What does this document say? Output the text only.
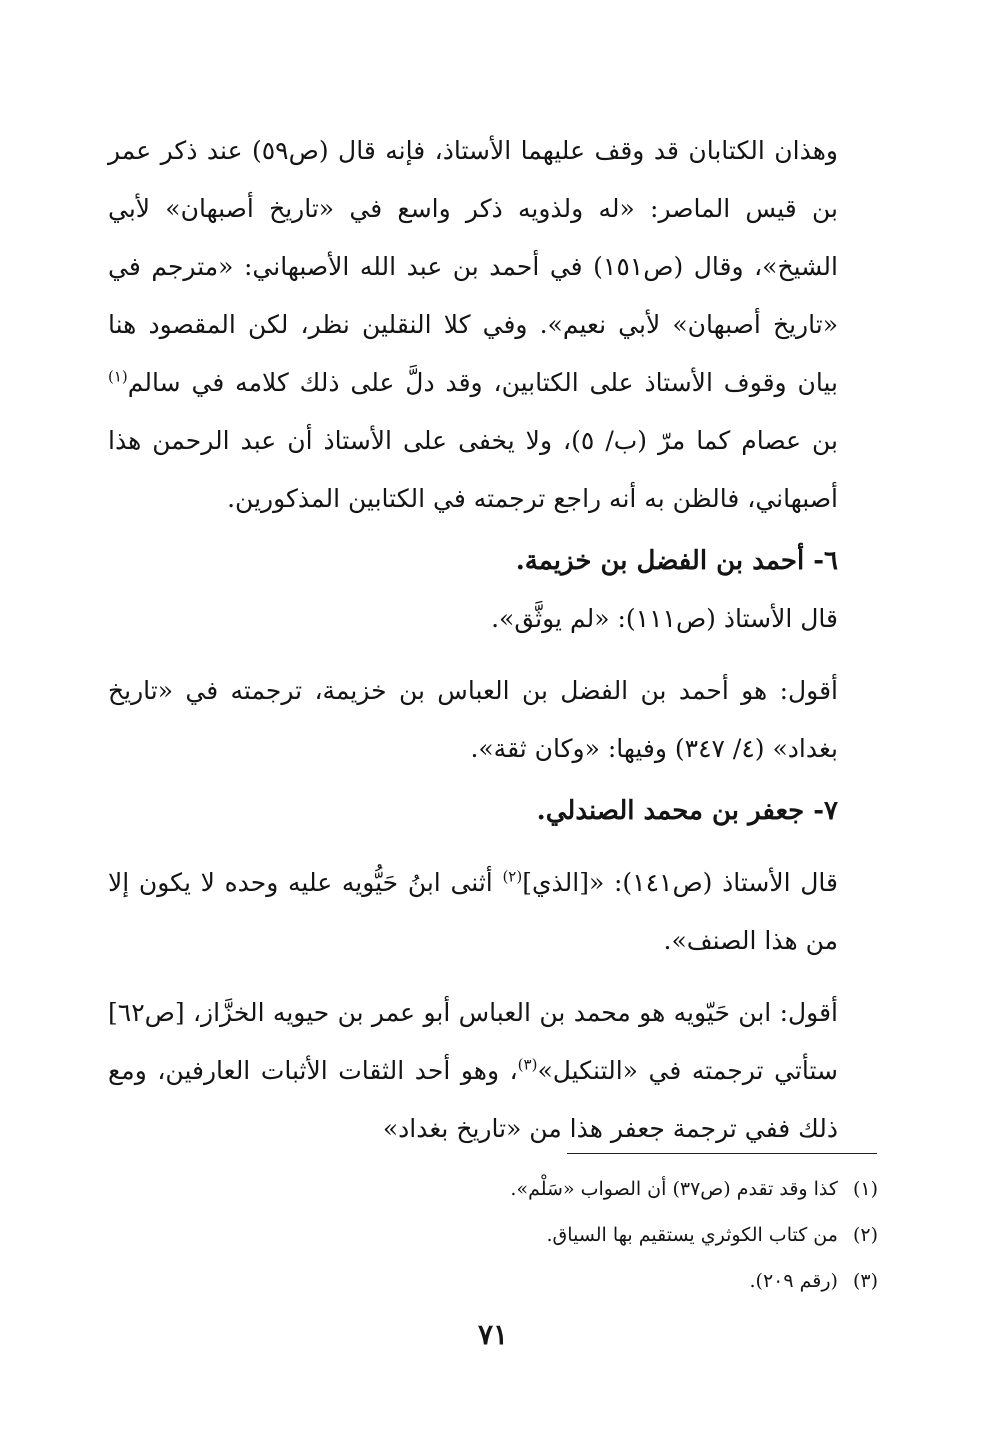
وهذان الكتابان قد وقف عليهما الأستاذ، فإنه قال (ص٥٩) عند ذكر عمر بن قيس الماصر: «له ولذويه ذكر واسع في «تاريخ أصبهان» لأبي الشيخ»، وقال (ص١٥١) في أحمد بن عبد الله الأصبهاني: «مترجم في «تاريخ أصبهان» لأبي نعيم». وفي كلا النقلين نظر، لكن المقصود هنا بيان وقوف الأستاذ على الكتابين، وقد دلَّ على ذلك كلامه في سالم$^{(١)}$ بن عصام كما مرّ (ب/ ٥)، ولا يخفى على الأستاذ أن عبد الرحمن هذا أصبهاني، فالظن به أنه راجع ترجمته في الكتابين المذكورين.

٦- أحمد بن الفضل بن خزيمة.

قال الأستاذ (ص١١١): «لم يوثَّق».

أقول: هو أحمد بن الفضل بن العباس بن خزيمة، ترجمته في «تاريخ بغداد» (٤/ ٣٤٧) وفيها: «وكان ثقة».

٧- جعفر بن محمد الصندلي.

قال الأستاذ (ص١٤١): «[الذي]$^{(٢)}$ أثنى ابنُ حَيُّويه عليه وحده لا يكون إلا من هذا الصنف».

أقول: ابن حَيّويه هو محمد بن العباس أبو عمر بن حيويه الخزَّاز، [ص٦٢] ستأتي ترجمته في «التنكيل»$^{(٣)}$، وهو أحد الثقات الأثبات العارفين، ومع ذلك ففي ترجمة جعفر هذا من «تاريخ بغداد»

(١) كذا وقد تقدم (ص٣٧) أن الصواب «سَلْم».

(٢) من كتاب الكوثري يستقيم بها السياق.

(٣) (رقم ٢٠٩).

٧١
